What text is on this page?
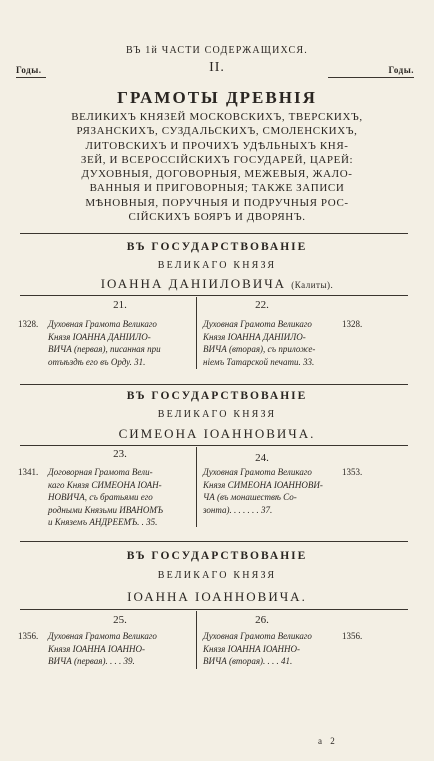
ВЪ 1й ЧАСТИ СОДЕРЖАЩИХСЯ.
Годы.	Годы.
II.
ГРАМОТЫ ДРЕВНІЯ
ВЕЛИКИХЪ КНЯЗЕЙ МОСКОВСКИХЪ, ТВЕРСКИХЪ,
РЯЗАНСКИХЪ, СУЗДАЛЬСКИХЪ, СМОЛЕНСКИХЪ,
ЛИТОВСКИХЪ И ПРОЧИХЪ УДѢЛЬНЫХЪ КНЯ-
ЗЕЙ, И ВСЕРОССІЙСКИХЪ ГОСУДАРЕЙ, ЦАРЕЙ:
ДУХОВНЫЯ, ДОГОВОРНЫЯ, МЕЖЕВЫЯ, ЖАЛО-
ВАННЫЯ И ПРИГОВОРНЫЯ; ТАКЖЕ ЗАПИСИ
МѢНОВНЫЯ, ПОРУЧНЫЯ И ПОДРУЧНЫЯ РОС-
СІЙСКИХЪ БОЯРЪ И ДВОРЯНЪ.
ВЪ ГОСУДАРСТВОВАНІЕ
ВЕЛИКАГО КНЯЗЯ
ІОАННА ДАНІИЛОВИЧА (Калиты).
21.	22.
1328. Духовная Грамота Великаго
Князя ІОАННА ДАНІИЛО-
ВИЧА (первая), писанная при
отъѣздѣ его въ Орду. 31.
Духовная Грамота Великаго
Князя ІОАННА ДАНІИЛО-
ВИЧА (вторая), съ приложе-
ніемъ Татарской печати. 33.
1328.
ВЪ ГОСУДАРСТВОВАНІЕ
ВЕЛИКАГО КНЯЗЯ
СИМЕОНА ІОАННОВИЧА.
23.	24.
1341. Договорная Грамота Вели-
каго Князя СИМЕОНА ІОАН-
НОВИЧА, съ братьями его
родными Князьми ИВАНОМЪ
и Княземъ АНДРЕЕМЪ. . 35.
Духовная Грамота Великаго
Князя СИМЕОНА ІОАННОВИ-
ЧА (въ монашествѣ Со-
зонта). . . . . . . 37.
1353.
ВЪ ГОСУДАРСТВОВАНІЕ
ВЕЛИКАГО КНЯЗЯ
ІОАННА ІОАННОВИЧА.
25.	26.
1356. Духовная Грамота Великаго
Князя ІОАННА ІОАННО-
ВИЧА (первая). . . . 39.
Духовная Грамота Великаго
Князя ІОАННА ІОАННО-
ВИЧА (вторая). . . . 41.
1356.
а 2
